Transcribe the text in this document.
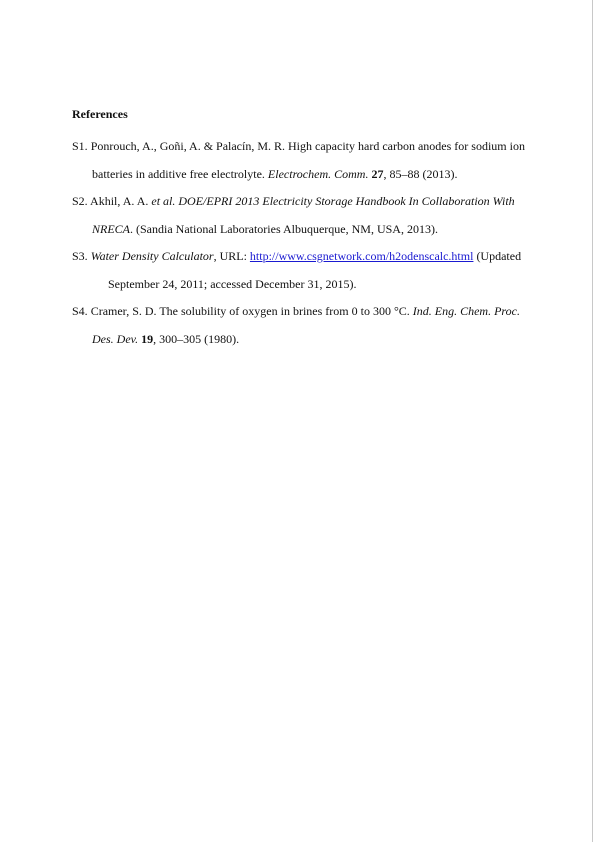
References
S1. Ponrouch, A., Goñi, A. & Palacín, M. R. High capacity hard carbon anodes for sodium ion
batteries in additive free electrolyte. Electrochem. Comm. 27, 85–88 (2013).
S2. Akhil, A. A. et al. DOE/EPRI 2013 Electricity Storage Handbook In Collaboration With
NRECA. (Sandia National Laboratories Albuquerque, NM, USA, 2013).
S3. Water Density Calculator, URL: http://www.csgnetwork.com/h2odenscalc.html (Updated
September 24, 2011; accessed December 31, 2015).
S4. Cramer, S. D. The solubility of oxygen in brines from 0 to 300 °C. Ind. Eng. Chem. Proc.
Des. Dev. 19, 300–305 (1980).
